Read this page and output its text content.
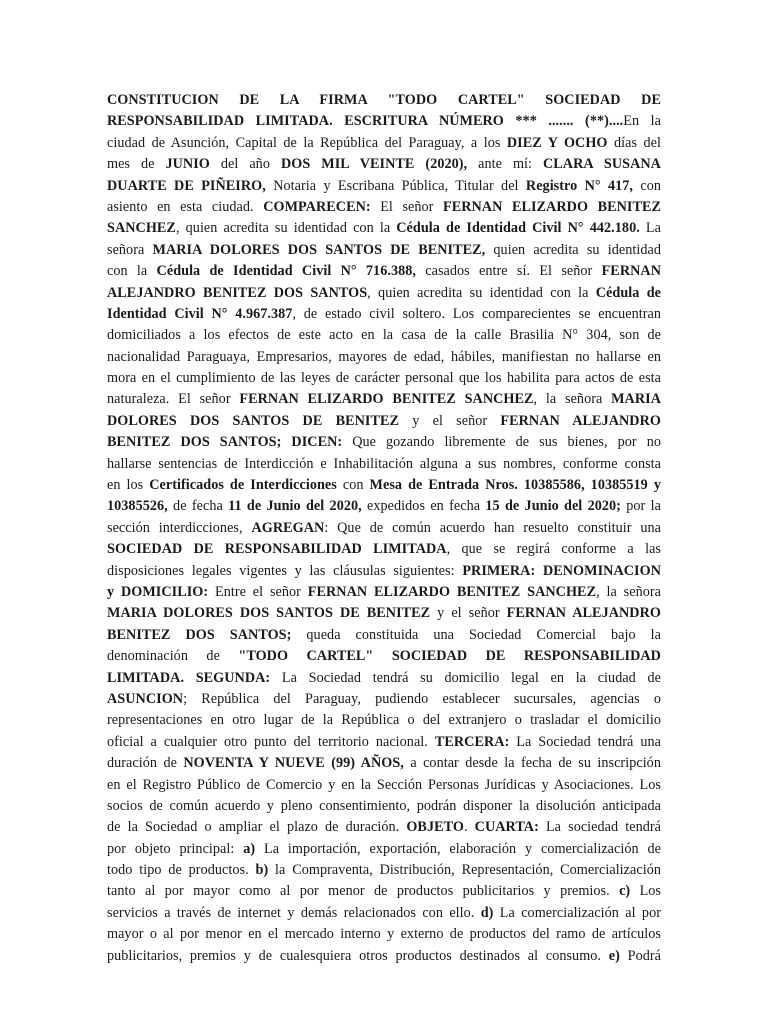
CONSTITUCION DE LA FIRMA "TODO CARTEL" SOCIEDAD DE
RESPONSABILIDAD LIMITADA. ESCRITURA NÚMERO *** ....... (**)....En la
ciudad de Asunción, Capital de la República del Paraguay, a los DIEZ Y OCHO días del
mes de JUNIO del año DOS MIL VEINTE (2020), ante mí: CLARA SUSANA
DUARTE DE PIÑEIRO, Notaria y Escribana Pública, Titular del Registro N° 417, con
asiento en esta ciudad. COMPARECEN: El señor FERNAN ELIZARDO BENITEZ
SANCHEZ, quien acredita su identidad con la Cédula de Identidad Civil N° 442.180. La
señora MARIA DOLORES DOS SANTOS DE BENITEZ, quien acredita su identidad
con la Cédula de Identidad Civil N° 716.388, casados entre sí. El señor FERNAN
ALEJANDRO BENITEZ DOS SANTOS, quien acredita su identidad con la Cédula de
Identidad Civil N° 4.967.387, de estado civil soltero. Los comparecientes se encuentran
domiciliados a los efectos de este acto en la casa de la calle Brasilia N° 304, son de
nacionalidad Paraguaya, Empresarios, mayores de edad, hábiles, manifiestan no hallarse en
mora en el cumplimiento de las leyes de carácter personal que los habilita para actos de esta
naturaleza. El señor FERNAN ELIZARDO BENITEZ SANCHEZ, la señora MARIA
DOLORES DOS SANTOS DE BENITEZ y el señor FERNAN ALEJANDRO
BENITEZ DOS SANTOS; DICEN: Que gozando libremente de sus bienes, por no
hallarse sentencias de Interdicción e Inhabilitación alguna a sus nombres, conforme consta
en los Certificados de Interdicciones con Mesa de Entrada Nros. 10385586, 10385519 y
10385526, de fecha 11 de Junio del 2020, expedidos en fecha 15 de Junio del 2020; por la
sección interdicciones, AGREGAN: Que de común acuerdo han resuelto constituir una
SOCIEDAD DE RESPONSABILIDAD LIMITADA, que se regirá conforme a las
disposiciones legales vigentes y las cláusulas siguientes: PRIMERA: DENOMINACION
y DOMICILIO: Entre el señor FERNAN ELIZARDO BENITEZ SANCHEZ, la señora
MARIA DOLORES DOS SANTOS DE BENITEZ y el señor FERNAN ALEJANDRO
BENITEZ DOS SANTOS; queda constituida una Sociedad Comercial bajo la
denominación de "TODO CARTEL" SOCIEDAD DE RESPONSABILIDAD
LIMITADA. SEGUNDA: La Sociedad tendrá su domicilio legal en la ciudad de
ASUNCION; República del Paraguay, pudiendo establecer sucursales, agencias o
representaciones en otro lugar de la República o del extranjero o trasladar el domicilio
oficial a cualquier otro punto del territorio nacional. TERCERA: La Sociedad tendrá una
duración de NOVENTA Y NUEVE (99) AÑOS, a contar desde la fecha de su inscripción
en el Registro Público de Comercio y en la Sección Personas Jurídicas y Asociaciones. Los
socios de común acuerdo y pleno consentimiento, podrán disponer la disolución anticipada
de la Sociedad o ampliar el plazo de duración. OBJETO. CUARTA: La sociedad tendrá
por objeto principal: a) La importación, exportación, elaboración y comercialización de
todo tipo de productos. b) la Compraventa, Distribución, Representación, Comercialización
tanto al por mayor como al por menor de productos publicitarios y premios. c) Los
servicios a través de internet y demás relacionados con ello. d) La comercialización al por
mayor o al por menor en el mercado interno y externo de productos del ramo de artículos
publicitarios, premios y de cualesquiera otros productos destinados al consumo. e) Podrá
